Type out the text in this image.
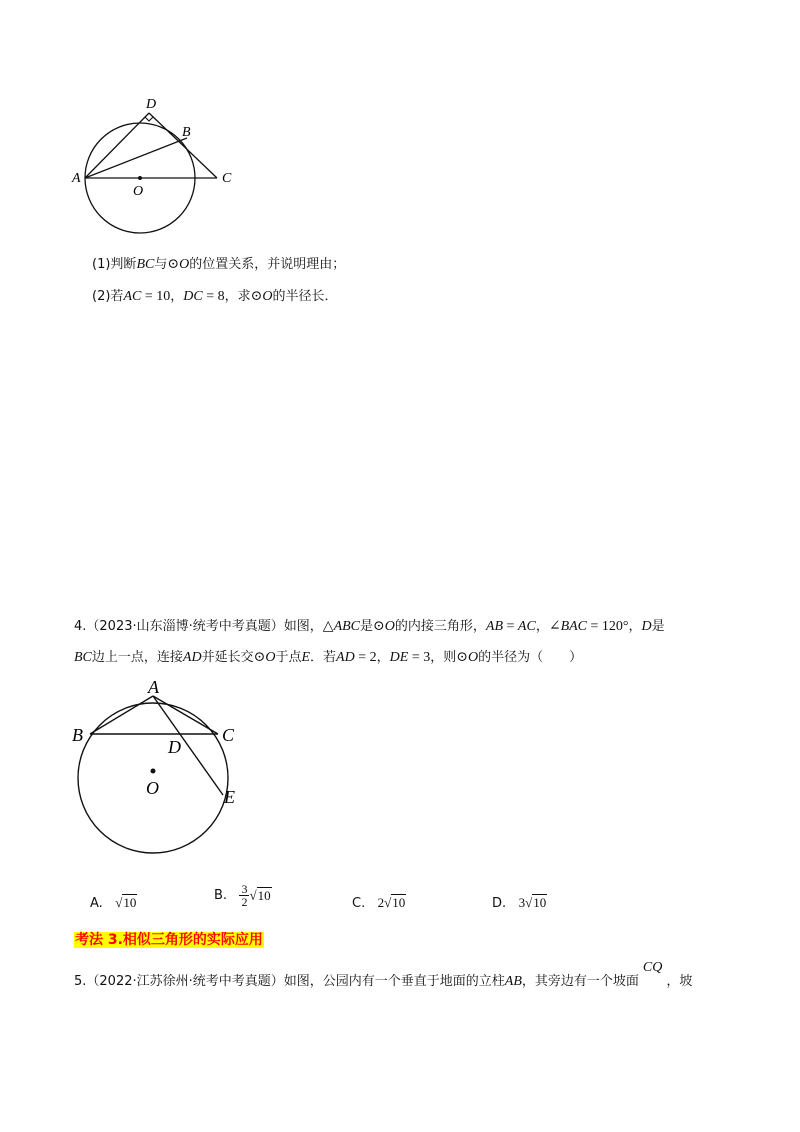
D
B
A
O
C
(1)判断BC与⊙O的位置关系，并说明理由；
(2)若AC = 10，DC = 8，求⊙O的半径长．
4.（2023·山东淄博·统考中考真题）如图，△ABC是⊙O的内接三角形，AB = AC，∠BAC = 120°，D是
BC边上一点，连接AD并延长交⊙O于点E．若AD = 2，DE = 3，则⊙O的半径为（　　）
A
B	C
D
O	E
A. √10	B. $\frac{3}{2} √10$
C. 2√10	D. 3√10
考法 3.相似三角形的实际应用
5.（2022·江苏徐州·统考中考真题）如图，公园内有一个垂直于地面的立柱AB，其旁边有一个坡面CQ，坡
